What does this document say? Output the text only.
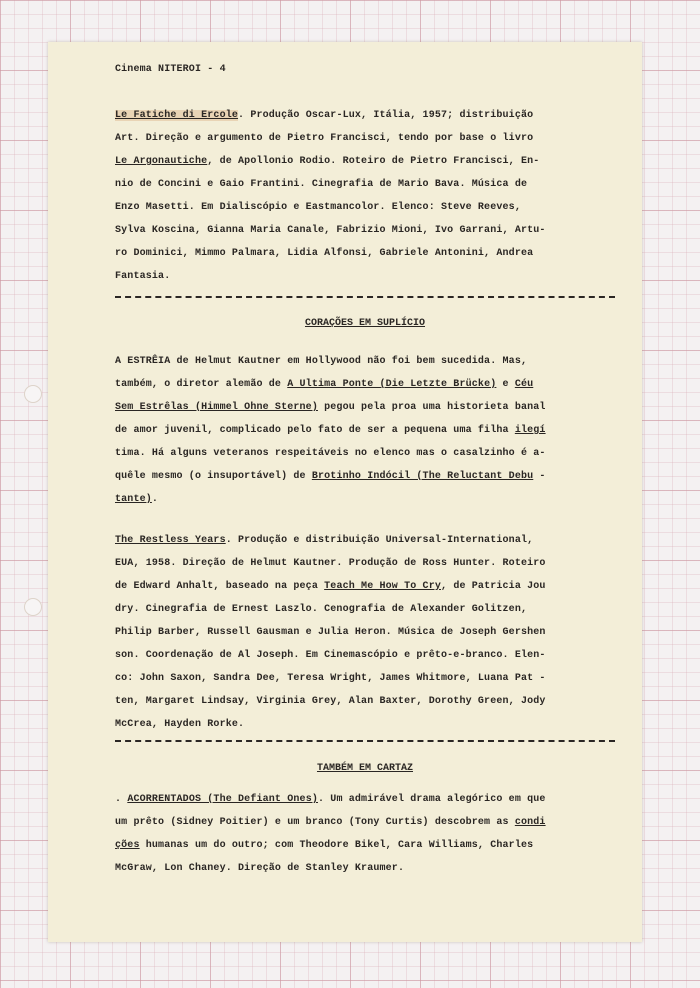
Cinema NITEROI - 4
Le Fatiche di Ercole. Produção Oscar-Lux, Itália, 1957; distribuição
Art. Direção e argumento de Pietro Francisci, tendo por base o livro
Le Argonautiche, de Apollonio Rodio. Roteiro de Pietro Francisci, En-
nio de Concini e Gaio Frantini. Cinegrafia de Mario Bava. Música de
Enzo Masetti. Em Dialiscópio e Eastmancolor. Elenco: Steve Reeves,
Sylva Koscina, Gianna Maria Canale, Fabrizio Mioni, Ivo Garrani, Artu-
ro Dominici, Mimmo Palmara, Lidia Alfonsi, Gabriele Antonini, Andrea
Fantasia.
CORAÇÕES EM SUPLÍCIO
A ESTRÊIA de Helmut Kautner em Hollywood não foi bem sucedida. Mas,
também, o diretor alemão de A Ultima Ponte (Die Letzte Brücke) e Céu
Sem Estrêlas (Himmel Ohne Sterne) pegou pela proa uma historieta banal
de amor juvenil, complicado pelo fato de ser a pequena uma filha ilegí
tima. Há alguns veteranos respeitáveis no elenco mas o casalzinho é a-
quêle mesmo (o insuportável) de Brotinho Indócil (The Reluctant Debu -
tante).
The Restless Years. Produção e distribuição Universal-International,
EUA, 1958. Direção de Helmut Kautner. Produção de Ross Hunter. Roteiro
de Edward Anhalt, baseado na peça Teach Me How To Cry, de Patricia Jou
dry. Cinegrafia de Ernest Laszlo. Cenografia de Alexander Golitzen,
Philip Barber, Russell Gausman e Julia Heron. Música de Joseph Gershen
son. Coordenação de Al Joseph. Em Cinemascópio e prêto-e-branco. Elen-
co: John Saxon, Sandra Dee, Teresa Wright, James Whitmore, Luana Pat -
ten, Margaret Lindsay, Virginia Grey, Alan Baxter, Dorothy Green, Jody
McCrea, Hayden Rorke.
TAMBÉM EM CARTAZ
. ACORRENTADOS (The Defiant Ones). Um admirável drama alegórico em que
um prêto (Sidney Poitier) e um branco (Tony Curtis) descobrem as condi
ções humanas um do outro; com Theodore Bikel, Cara Williams, Charles
McGraw, Lon Chaney. Direção de Stanley Kraumer.
